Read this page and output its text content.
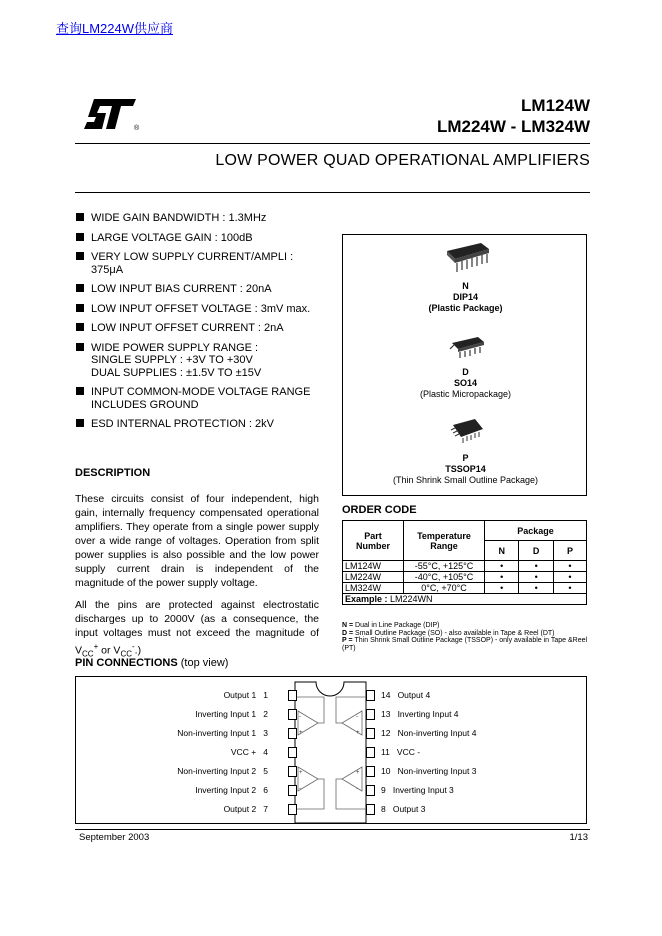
查询LM224W供应商
®
LM124W
LM224W - LM324W
LOW POWER QUAD OPERATIONAL AMPLIFIERS
WIDE GAIN BANDWIDTH : 1.3MHz
LARGE VOLTAGE GAIN : 100dB
VERY LOW SUPPLY CURRENT/AMPLI :
375μA
LOW INPUT BIAS CURRENT : 20nA
LOW INPUT OFFSET VOLTAGE : 3mV max.
LOW INPUT OFFSET CURRENT : 2nA
WIDE POWER SUPPLY RANGE :
SINGLE SUPPLY : +3V TO +30V
DUAL SUPPLIES : ±1.5V TO ±15V
INPUT COMMON-MODE VOLTAGE RANGE
INCLUDES GROUND
ESD INTERNAL PROTECTION : 2kV
DESCRIPTION
These circuits consist of four independent, high gain, internally frequency compensated operational amplifiers. They operate from a single power supply over a wide range of voltages. Operation from split power supplies is also possible and the low power supply current drain is independent of the magnitude of the power supply voltage.
All the pins are protected against electrostatic discharges up to 2000V (as a consequence, the input voltages must not exceed the magnitude of $V_{CC}^+$ or $V_{CC}^-$.)
PIN CONNECTIONS (top view)
N
DIP14
(Plastic Package)
D
SO14
(Plastic Micropackage)
P
TSSOP14
(Thin Shrink Small Outline Package)
ORDER CODE
Part
Number	Temperature
Range	Package		
		N	D	P
LM124W	-55°C, +125°C	•	•	•
LM224W	-40°C, +105°C	•	•	•
LM324W	0°C, +70°C	•	•	•
Example : LM224WN				
N = Dual in Line Package (DIP)
D = Small Outline Package (SO) - also available in Tape & Reel (DT)
P = Thin Shrink Small Outline Package (TSSOP) - only available in Tape &Reel (PT)
-
+
-
+
+
-
+
-
Output 1 1
Inverting Input 1 2
Non-inverting Input 1 3
VCC + 4
Non-inverting Input 2 5
Inverting Input 2 6
Output 2 7
14 Output 4
13 Inverting Input 4
12 Non-inverting Input 4
11 VCC -
10 Non-inverting Input 3
9 Inverting Input 3
8 Output 3
September 2003	1/13
